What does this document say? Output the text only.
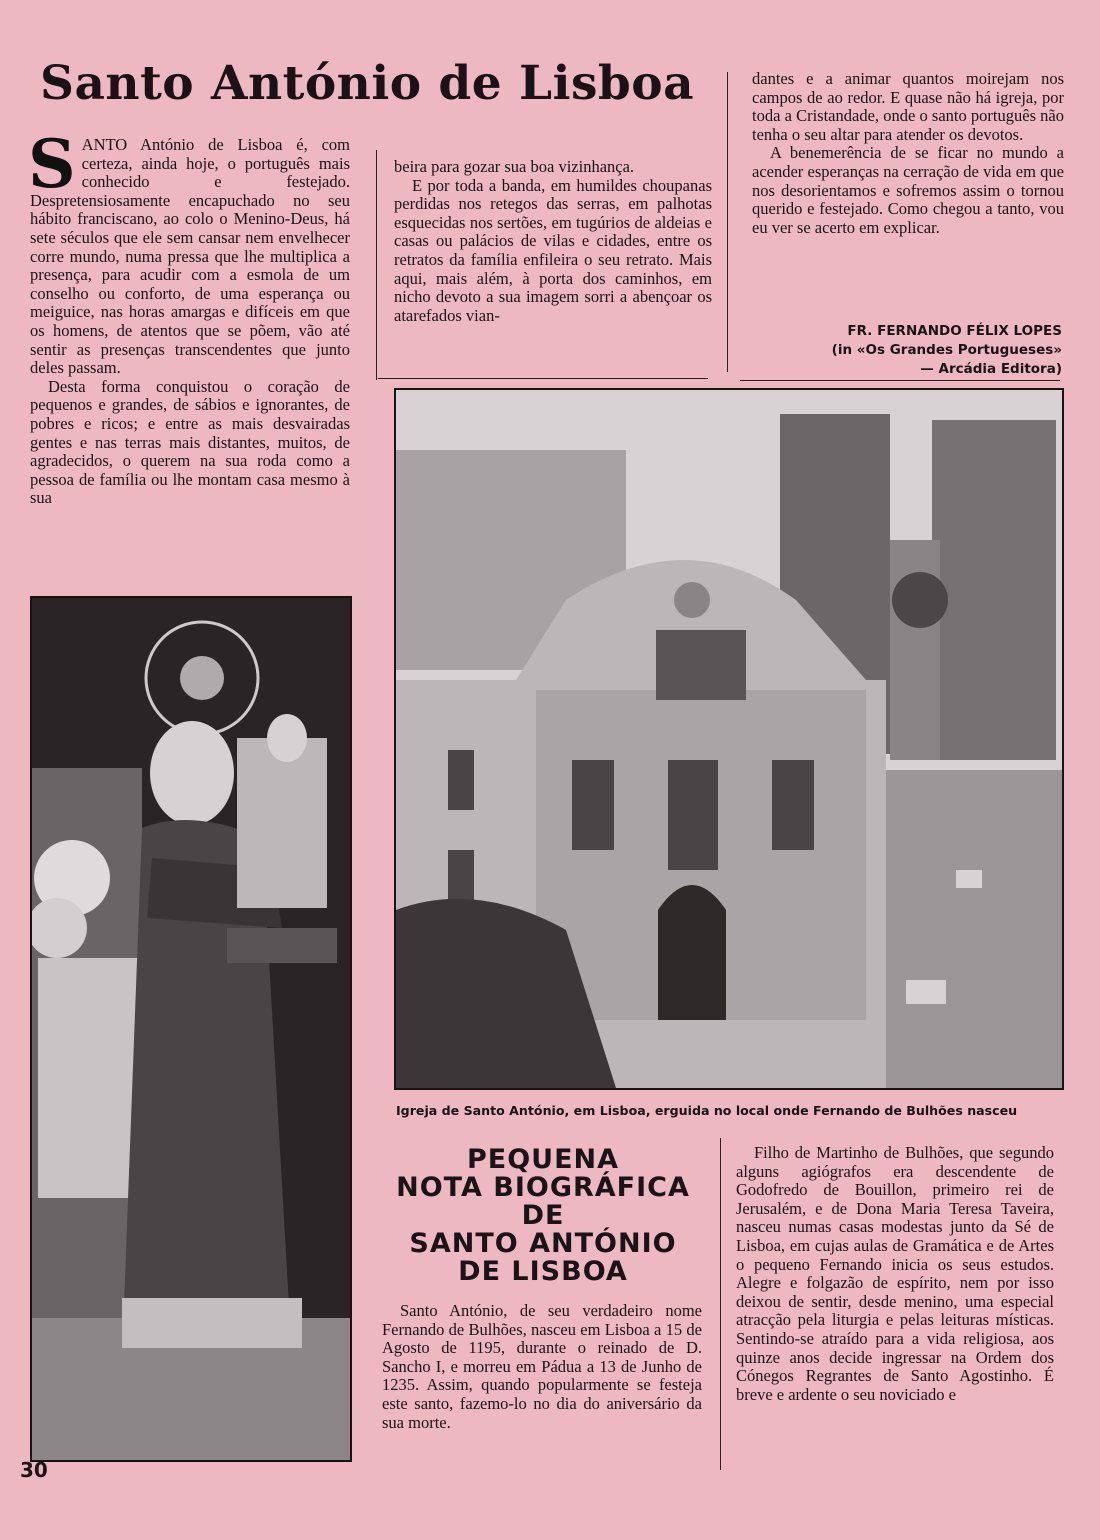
Santo António de Lisboa

SANTO António de Lisboa é, com certeza, ainda hoje, o português mais conhecido e festejado. Despretensiosamente encapuchado no seu hábito franciscano, ao colo o Menino-Deus, há sete séculos que ele sem cansar nem envelhecer corre mundo, numa pressa que lhe multiplica a presença, para acudir com a esmola de um conselho ou conforto, de uma esperança ou meiguice, nas horas amargas e difíceis em que os homens, de atentos que se põem, vão até sentir as presenças transcendentes que junto deles passam.

Desta forma conquistou o coração de pequenos e grandes, de sábios e ignorantes, de pobres e ricos; e entre as mais desvairadas gentes e nas terras mais distantes, muitos, de agradecidos, o querem na sua roda como a pessoa de família ou lhe montam casa mesmo à sua

beira para gozar sua boa vizinhança.

E por toda a banda, em humildes choupanas perdidas nos retegos das serras, em palhotas esquecidas nos sertões, em tugúrios de aldeias e casas ou palácios de vilas e cidades, entre os retratos da família enfileira o seu retrato. Mais aqui, mais além, à porta dos caminhos, em nicho devoto a sua imagem sorri a abençoar os atarefados vian-

dantes e a animar quantos moirejam nos campos de ao redor. E quase não há igreja, por toda a Cristandade, onde o santo português não tenha o seu altar para atender os devotos.

A benemerência de se ficar no mundo a acender esperanças na cerração de vida em que nos desorientamos e sofremos assim o tornou querido e festejado. Como chegou a tanto, vou eu ver se acerto em explicar.

FR. FERNANDO FÉLIX LOPES
(in «Os Grandes Portugueses»
— Arcádia Editora)
Igreja de Santo António, em Lisboa, erguida no local onde Fernando de Bulhões nasceu
PEQUENA
NOTA BIOGRÁFICA
DE
SANTO ANTÓNIO
DE LISBOA

Santo António, de seu verdadeiro nome Fernando de Bulhões, nasceu em Lisboa a 15 de Agosto de 1195, durante o reinado de D. Sancho I, e morreu em Pádua a 13 de Junho de 1235. Assim, quando popularmente se festeja este santo, fazemo-lo no dia do aniversário da sua morte.

Filho de Martinho de Bulhões, que segundo alguns agiógrafos era descendente de Godofredo de Bouillon, primeiro rei de Jerusalém, e de Dona Maria Teresa Taveira, nasceu numas casas modestas junto da Sé de Lisboa, em cujas aulas de Gramática e de Artes o pequeno Fernando inicia os seus estudos. Alegre e folgazão de espírito, nem por isso deixou de sentir, desde menino, uma especial atracção pela liturgia e pelas leituras místicas. Sentindo-se atraído para a vida religiosa, aos quinze anos decide ingressar na Ordem dos Cónegos Regrantes de Santo Agostinho. É breve e ardente o seu noviciado e

30
